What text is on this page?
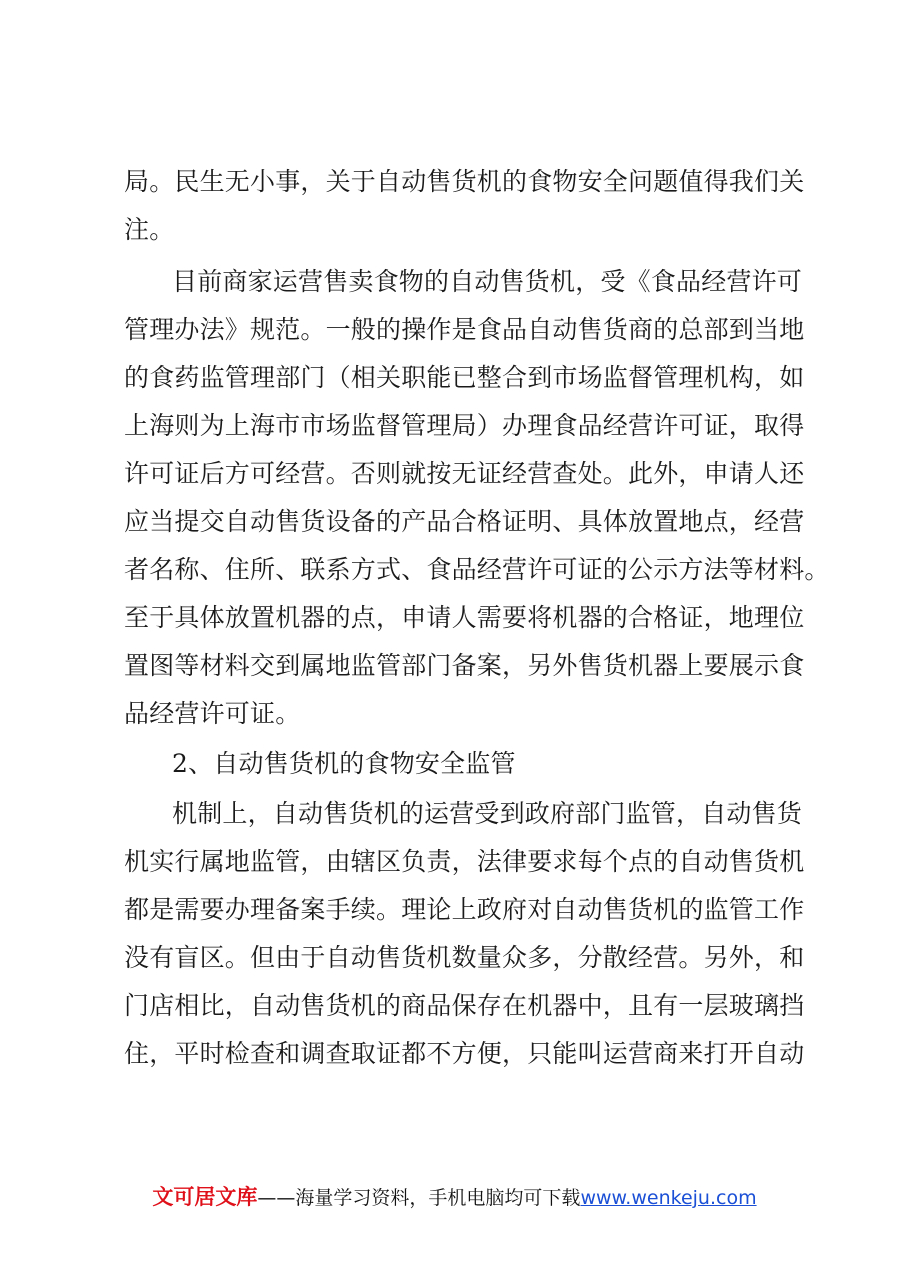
局。民生无小事，关于自动售货机的食物安全问题值得我们关
注。
目前商家运营售卖食物的自动售货机，受《食品经营许可
管理办法》规范。一般的操作是食品自动售货商的总部到当地
的食药监管理部门（相关职能已整合到市场监督管理机构，如
上海则为上海市市场监督管理局）办理食品经营许可证，取得
许可证后方可经营。否则就按无证经营查处。此外，申请人还
应当提交自动售货设备的产品合格证明、具体放置地点，经营
者名称、住所、联系方式、食品经营许可证的公示方法等材料。
至于具体放置机器的点，申请人需要将机器的合格证，地理位
置图等材料交到属地监管部门备案，另外售货机器上要展示食
品经营许可证。
2、自动售货机的食物安全监管
机制上，自动售货机的运营受到政府部门监管，自动售货
机实行属地监管，由辖区负责，法律要求每个点的自动售货机
都是需要办理备案手续。理论上政府对自动售货机的监管工作
没有盲区。但由于自动售货机数量众多，分散经营。另外，和
门店相比，自动售货机的商品保存在机器中，且有一层玻璃挡
住，平时检查和调查取证都不方便，只能叫运营商来打开自动
文可居文库——海量学习资料，手机电脑均可下载www.wenkeju.com
